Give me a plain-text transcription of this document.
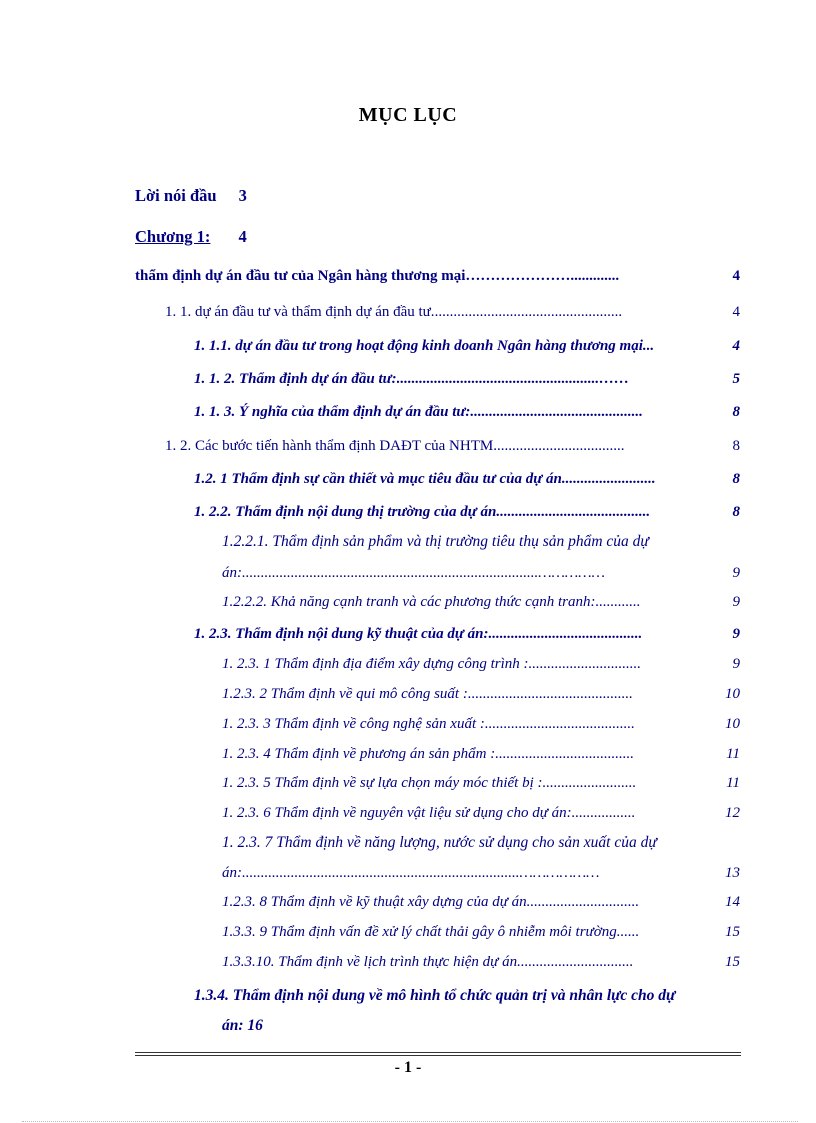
MỤC LỤC
Lời nói đầu 3
Chương 1: 4
thẩm định dự án đầu tư của Ngân hàng thương mại ………………….............	4
1. 1. dự án đầu tư và thẩm định dự án đầu tư. ..................................................	4
1. 1.1. dự án đầu tư trong hoạt động kinh doanh Ngân hàng thương mại. ..	4
1. 1. 2. Thẩm định dự án đầu tư: ......................................................……	5
1. 1. 3. Ý nghĩa của thẩm định dự án đầu tư: ..............................................	8
1. 2. Các bước tiến hành thẩm định DAĐT của NHTM. ..................................	8
1.2. 1 Thẩm định sự cần thiết và mục tiêu đầu tư của dự án .........................	8
1. 2.2. Thẩm định nội dung thị trường của dự án .........................................	8
1.2.2.1. Thẩm định sản phẩm và thị trường tiêu thụ sản phẩm của dự
án: ...............................................................................……………	9
1.2.2.2. Khả năng cạnh tranh và các phương thức cạnh tranh: ............	9
1. 2.3. Thẩm định nội dung kỹ thuật của dự án: .........................................	9
1. 2.3. 1 Thẩm định địa điểm xây dựng công trình : ..............................	9
1.2.3. 2 Thẩm định về qui mô công suất : ............................................	10
1. 2.3. 3 Thẩm định về công nghệ sản xuất : ........................................	10
1. 2.3. 4 Thẩm định về phương án sản phẩm : .....................................	11
1. 2.3. 5 Thẩm định về sự lựa chọn máy móc thiết bị : .........................	11
1. 2.3. 6 Thẩm định về nguyên vật liệu sử dụng cho dự án: .................	12
1. 2.3. 7 Thẩm định về năng lượng, nước sử dụng cho sản xuất của dự
án: ..........................................................................………………	13
1.2.3. 8 Thẩm định về kỹ thuật xây dựng của dự án ..............................	14
1.3.3. 9 Thẩm định vấn đề xử lý chất thải gây ô nhiễm môi trường ......	15
1.3.3.10. Thẩm định về lịch trình thực hiện dự án. ..............................	15
1.3.4. Thẩm định nội dung về mô hình tổ chức quản trị và nhân lực cho dự
án: 16
- 1 -
